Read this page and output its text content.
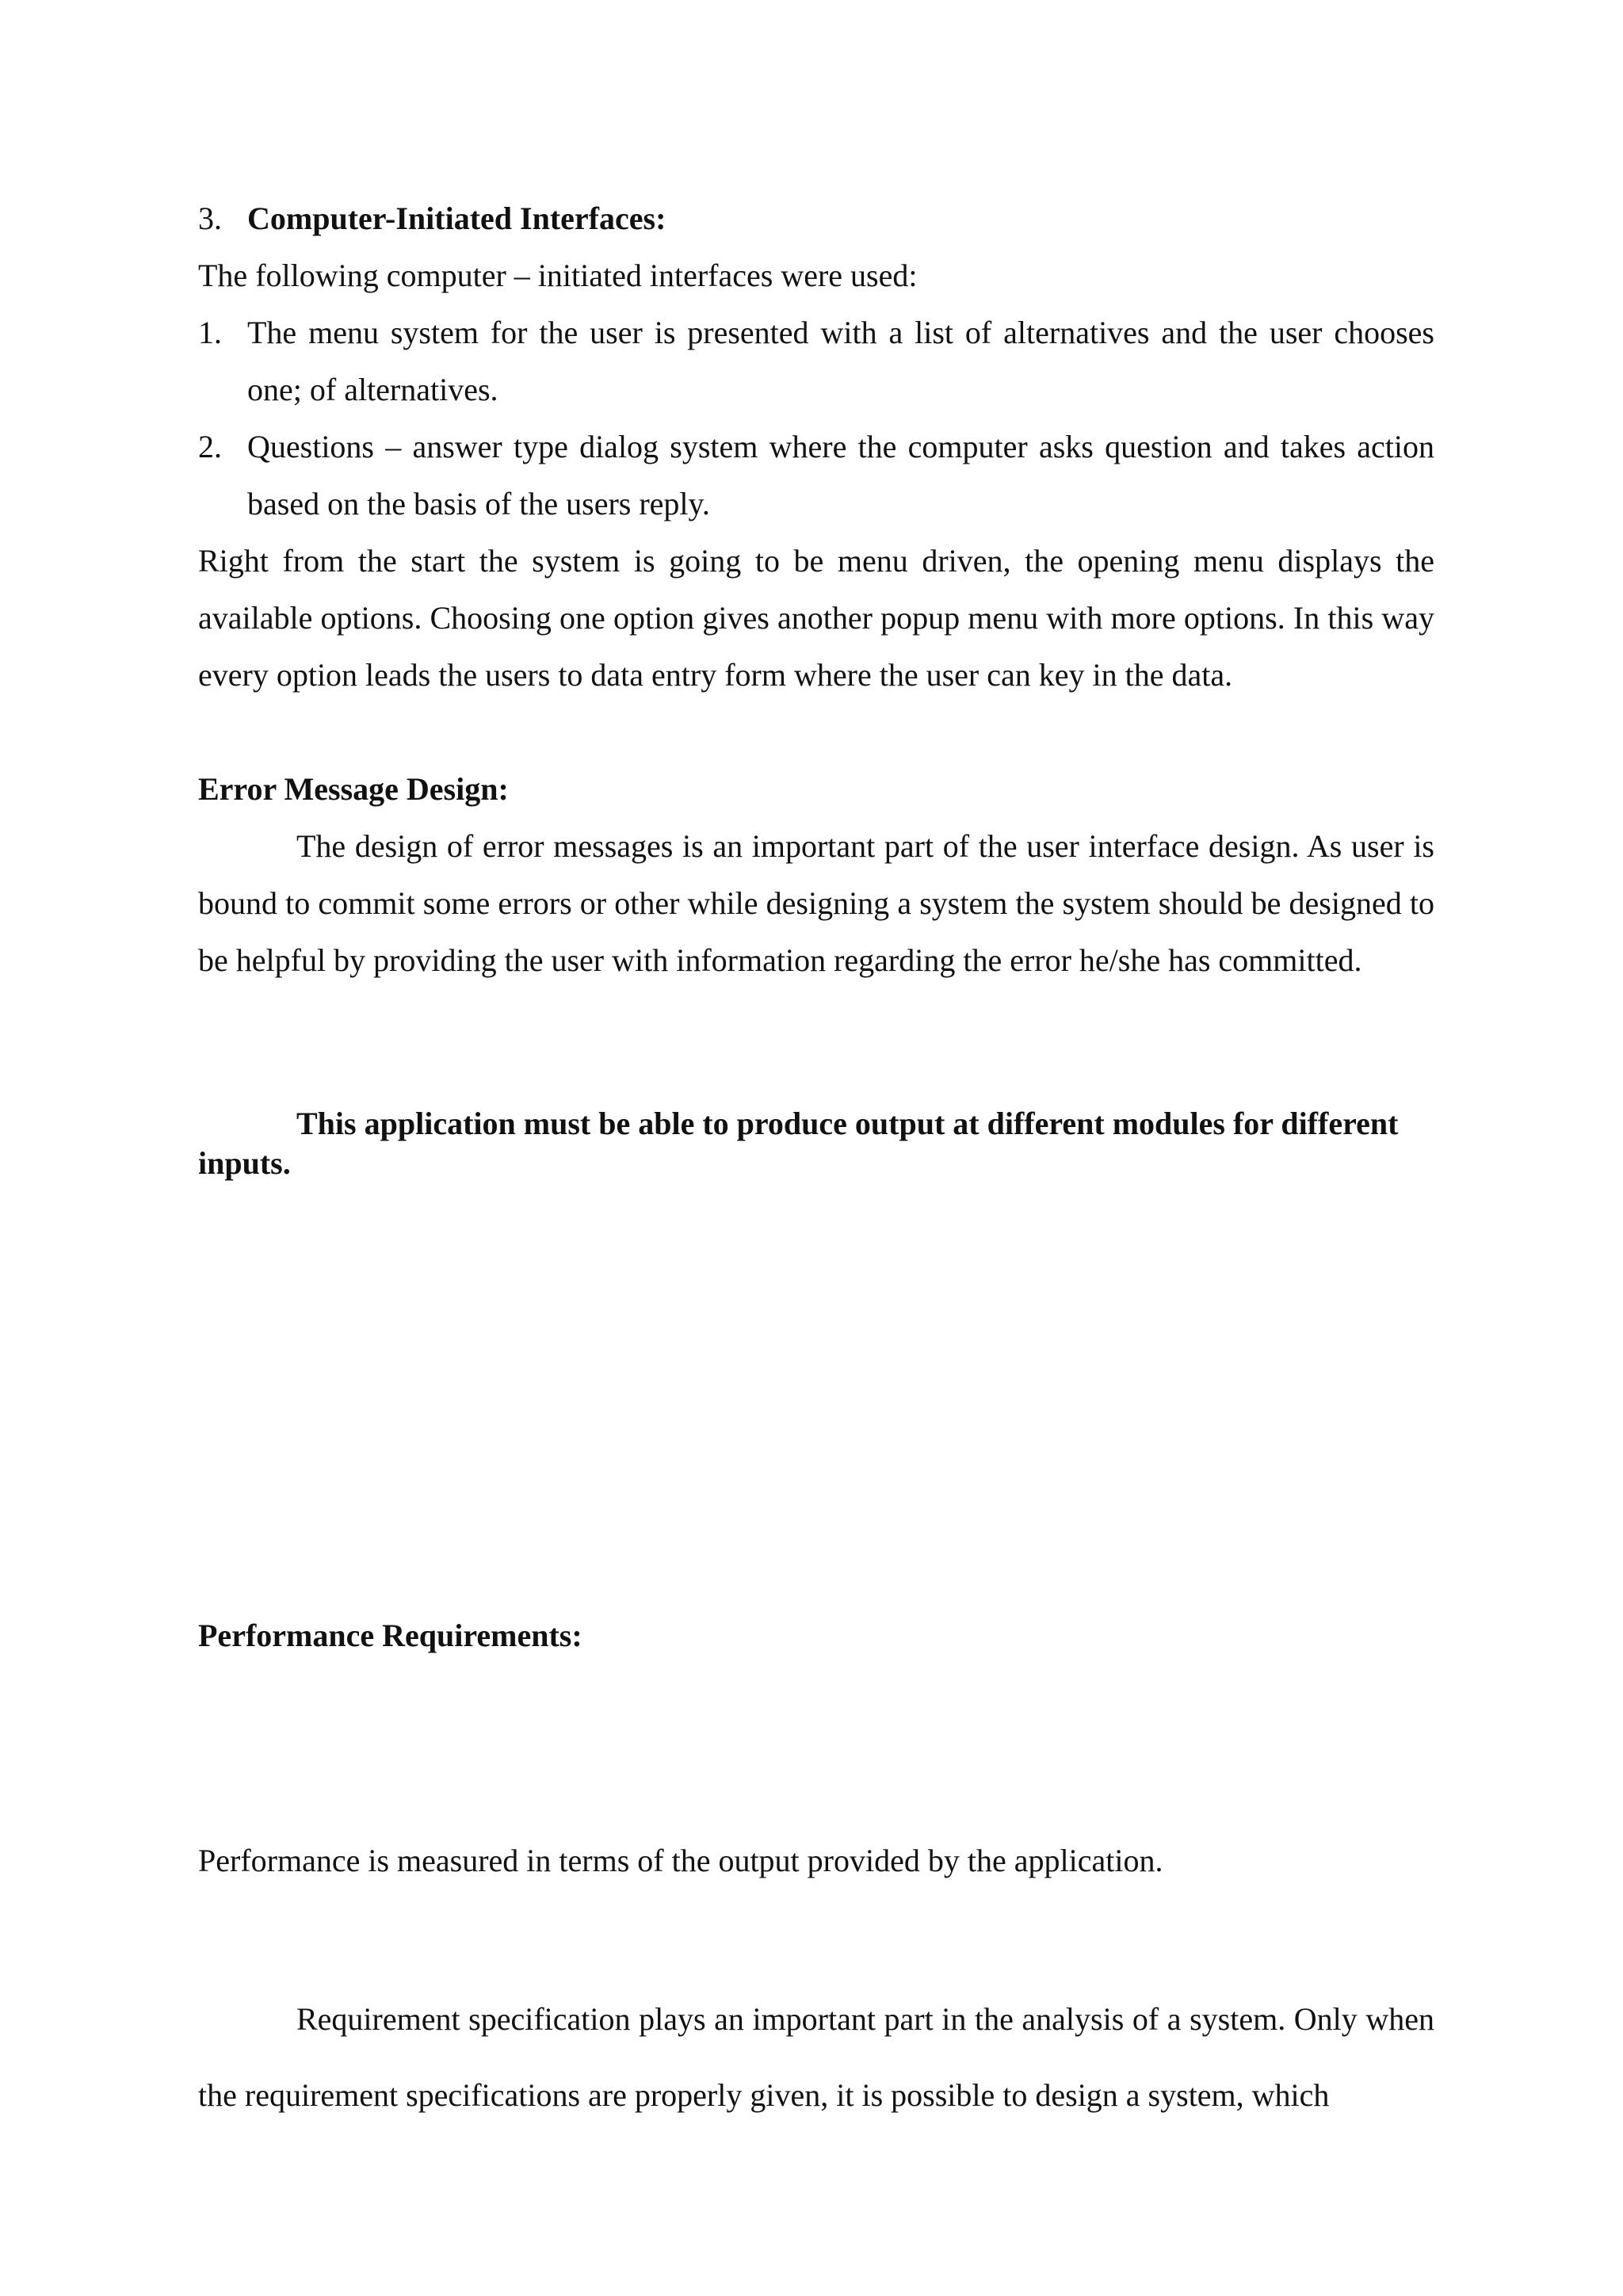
3. Computer-Initiated Interfaces:

The following computer – initiated interfaces were used:

1. The menu system for the user is presented with a list of alternatives and the user chooses one; of alternatives.
2. Questions – answer type dialog system where the computer asks question and takes action based on the basis of the users reply.

Right from the start the system is going to be menu driven, the opening menu displays the available options. Choosing one option gives another popup menu with more options. In this way every option leads the users to data entry form where the user can key in the data.

Error Message Design:

The design of error messages is an important part of the user interface design. As user is bound to commit some errors or other while designing a system the system should be designed to be helpful by providing the user with information regarding the error he/she has committed.

This application must be able to produce output at different modules for different inputs.

Performance Requirements:

Performance is measured in terms of the output provided by the application.

Requirement specification plays an important part in the analysis of a system. Only when the requirement specifications are properly given, it is possible to design a system, which
